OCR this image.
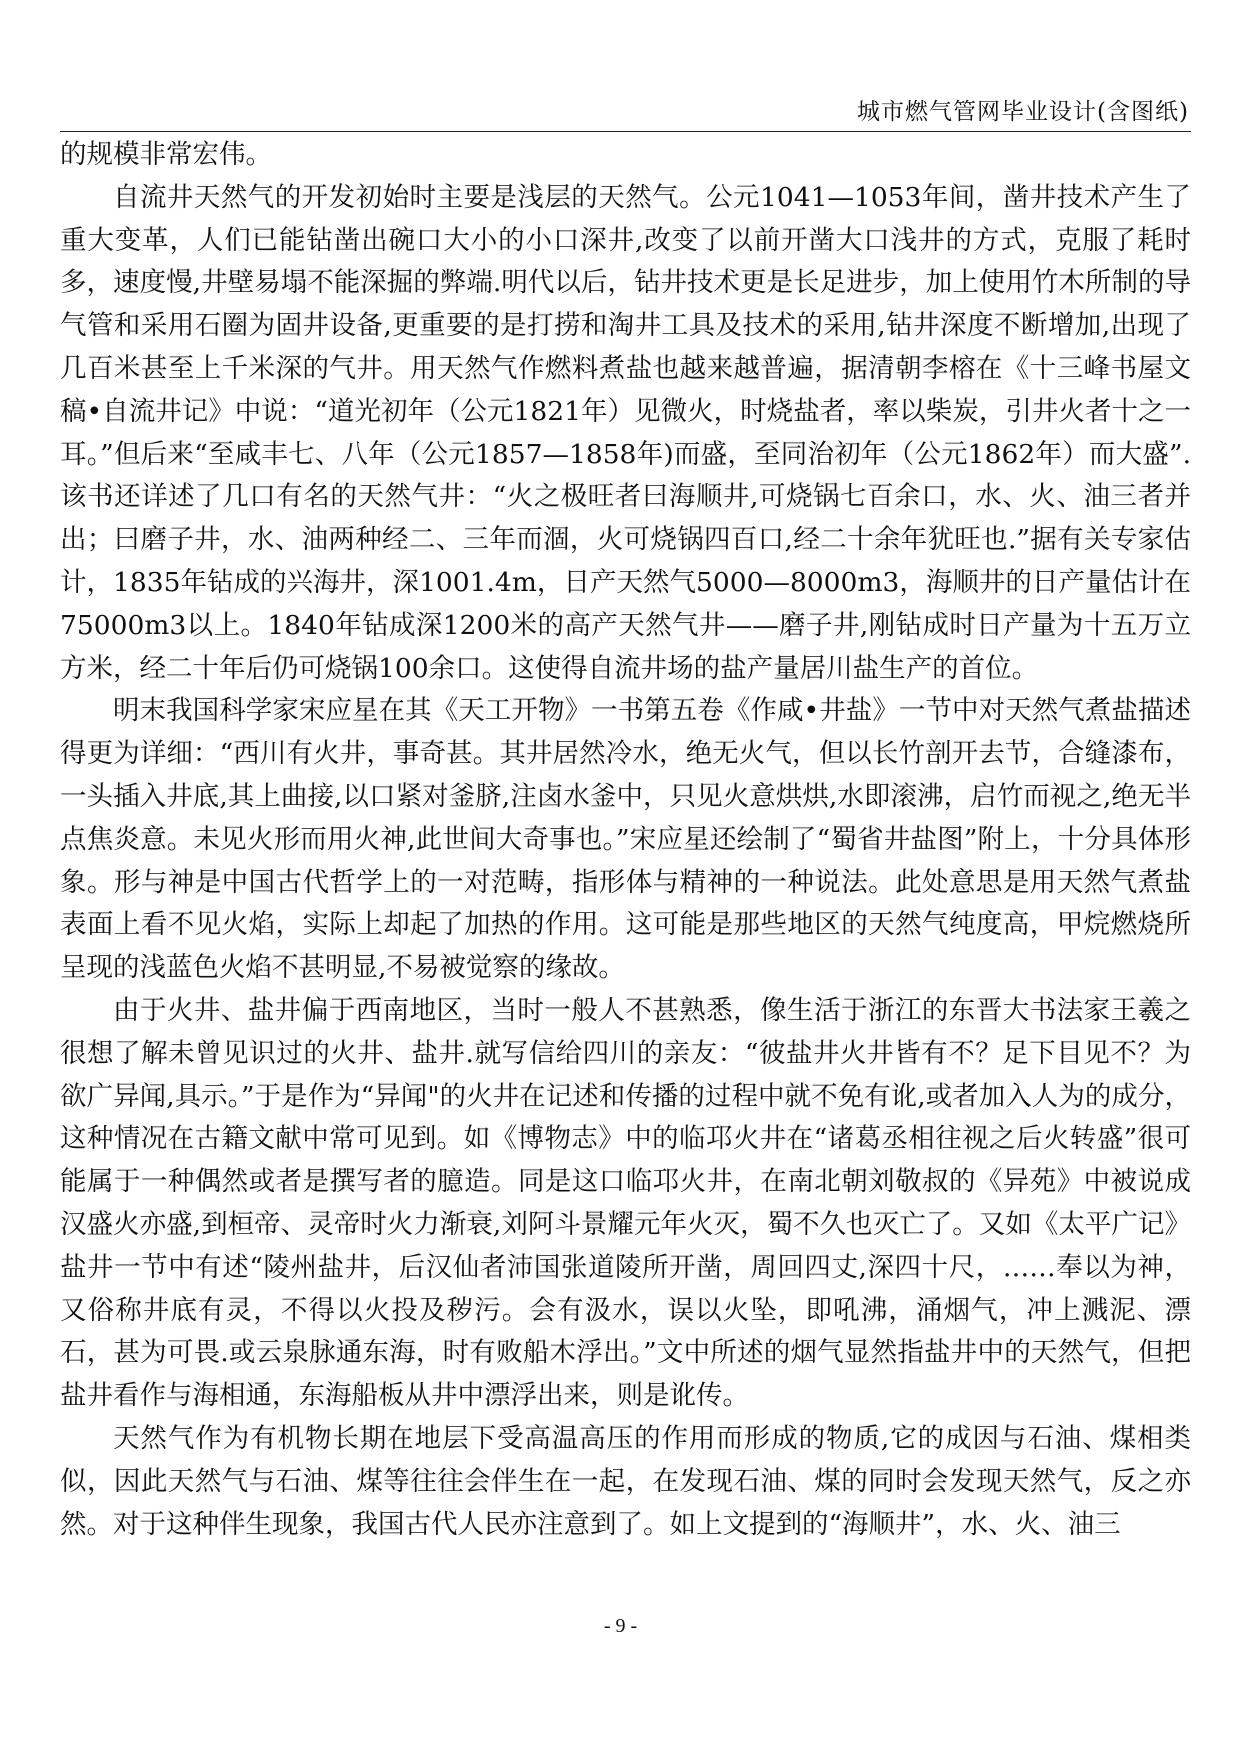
城市燃气管网毕业设计(含图纸)

的规模非常宏伟。

自流井天然气的开发初始时主要是浅层的天然气。公元1041—1053年间，凿井技术产生了重大变革，人们已能钻凿出碗口大小的小口深井,改变了以前开凿大口浅井的方式，克服了耗时多，速度慢,井壁易塌不能深掘的弊端.明代以后，钻井技术更是长足进步，加上使用竹木所制的导气管和采用石圈为固井设备,更重要的是打捞和淘井工具及技术的采用,钻井深度不断增加,出现了几百米甚至上千米深的气井。用天然气作燃料煮盐也越来越普遍，据清朝李榕在《十三峰书屋文稿•自流井记》中说：“道光初年（公元1821年）见微火，时烧盐者，率以柴炭，引井火者十之一耳。”但后来“至咸丰七、八年（公元1857—1858年)而盛，至同治初年（公元1862年）而大盛”.该书还详述了几口有名的天然气井：“火之极旺者曰海顺井,可烧锅七百余口，水、火、油三者并出；曰磨子井，水、油两种经二、三年而涸，火可烧锅四百口,经二十余年犹旺也.”据有关专家估计，1835年钻成的兴海井，深1001.4m，日产天然气5000—8000m3，海顺井的日产量估计在75000m3以上。1840年钻成深1200米的高产天然气井——磨子井,刚钻成时日产量为十五万立方米，经二十年后仍可烧锅100余口。这使得自流井场的盐产量居川盐生产的首位。

明末我国科学家宋应星在其《天工开物》一书第五卷《作咸•井盐》一节中对天然气煮盐描述得更为详细：“西川有火井，事奇甚。其井居然冷水，绝无火气，但以长竹剖开去节，合缝漆布，一头插入井底,其上曲接,以口紧对釜脐,注卤水釜中，只见火意烘烘,水即滚沸，启竹而视之,绝无半点焦炎意。未见火形而用火神,此世间大奇事也。”宋应星还绘制了“蜀省井盐图”附上，十分具体形象。形与神是中国古代哲学上的一对范畴，指形体与精神的一种说法。此处意思是用天然气煮盐表面上看不见火焰，实际上却起了加热的作用。这可能是那些地区的天然气纯度高，甲烷燃烧所呈现的浅蓝色火焰不甚明显,不易被觉察的缘故。

由于火井、盐井偏于西南地区，当时一般人不甚熟悉，像生活于浙江的东晋大书法家王羲之很想了解未曾见识过的火井、盐井.就写信给四川的亲友：“彼盐井火井皆有不？足下目见不？为欲广异闻,具示。”于是作为“异闻"的火井在记述和传播的过程中就不免有讹,或者加入人为的成分，这种情况在古籍文献中常可见到。如《博物志》中的临邛火井在“诸葛丞相往视之后火转盛”很可能属于一种偶然或者是撰写者的臆造。同是这口临邛火井，在南北朝刘敬叔的《异苑》中被说成汉盛火亦盛,到桓帝、灵帝时火力渐衰,刘阿斗景耀元年火灭，蜀不久也灭亡了。又如《太平广记》盐井一节中有述“陵州盐井，后汉仙者沛国张道陵所开凿，周回四丈,深四十尺，……奉以为神，又俗称井底有灵，不得以火投及秽污。会有汲水，误以火坠，即吼沸，涌烟气，冲上溅泥、漂石，甚为可畏.或云泉脉通东海，时有败船木浮出。”文中所述的烟气显然指盐井中的天然气，但把盐井看作与海相通，东海船板从井中漂浮出来，则是讹传。

天然气作为有机物长期在地层下受高温高压的作用而形成的物质,它的成因与石油、煤相类似，因此天然气与石油、煤等往往会伴生在一起，在发现石油、煤的同时会发现天然气，反之亦然。对于这种伴生现象，我国古代人民亦注意到了。如上文提到的“海顺井”，水、火、油三

- 9 -
